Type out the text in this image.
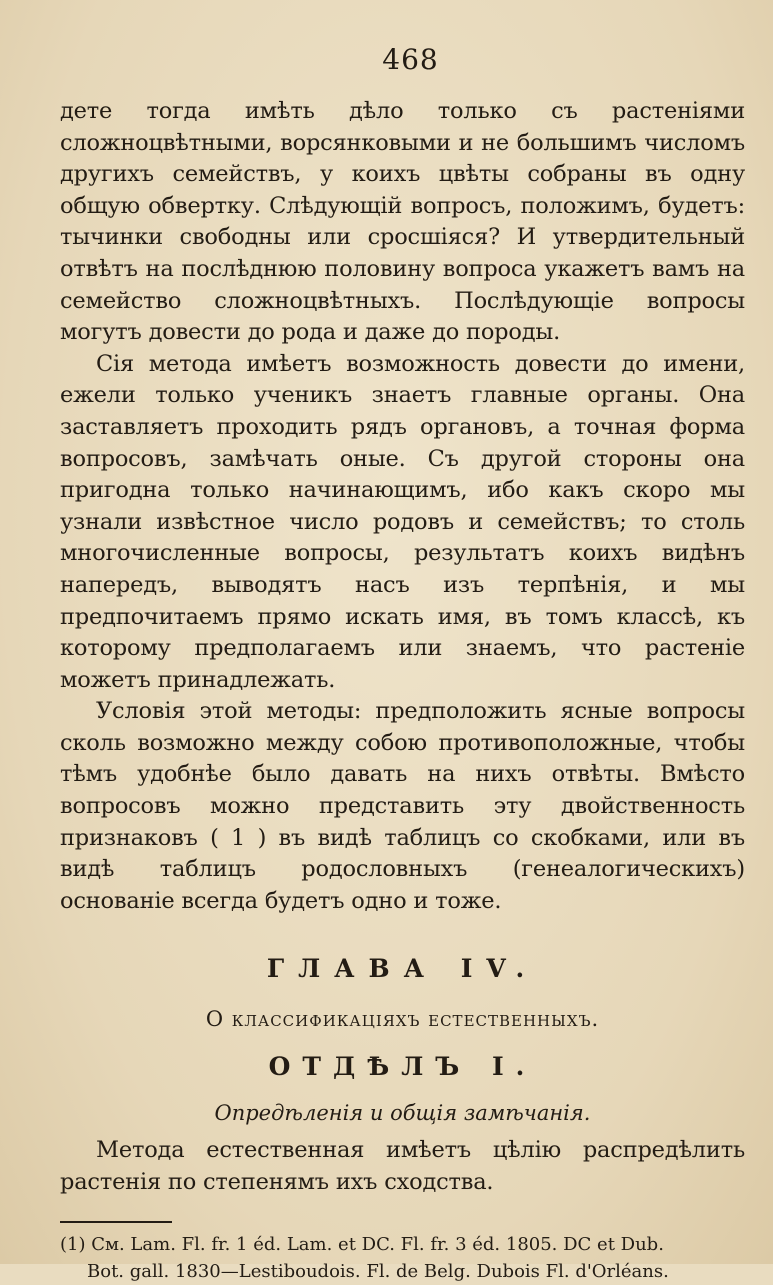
468

дете тогда имѣть дѣло только съ растенiями сложноцвѣтными, ворсянковыми и не большимъ числомъ другихъ семействъ, у коихъ цвѣты собраны въ одну общую обвертку. Слѣдующiй вопросъ, положимъ, будетъ: тычинки свободны или сросшiяся? И утвердительный отвѣтъ на послѣднюю половину вопроса укажетъ вамъ на семейство сложноцвѣтныхъ. Послѣдующiе вопросы могутъ довести до рода и даже до породы.

Сiя метода имѣетъ возможность довести до имени, ежели только ученикъ знаетъ главные органы. Она заставляетъ проходить рядъ органовъ, а точная форма вопросовъ, замѣчать оные. Съ другой стороны она пригодна только начинающимъ, ибо какъ скоро мы узнали извѣстное число родовъ и семействъ; то столь многочисленные вопросы, результатъ коихъ видѣнъ напередъ, выводятъ насъ изъ терпѣнiя, и мы предпочитаемъ прямо искать имя, въ томъ классѣ, къ которому предполагаемъ или знаемъ, что растенiе можетъ принадлежать.

Условiя этой методы: предположить ясные вопросы сколь возможно между собою противоположные, чтобы тѣмъ удобнѣе было давать на нихъ отвѣты. Вмѣсто вопросовъ можно представить эту двойственность признаковъ ( 1 ) въ видѣ таблицъ со скобками, или въ видѣ таблицъ родословныхъ (генеалогическихъ) основанiе всегда будетъ одно и тоже.

ГЛАВА IV.
О классификацiяхъ естественныхъ.
ОТДѢЛЪ I.
Опредѣленiя и общiя замѣчанiя.

Метода естественная имѣетъ цѣлiю распредѣлить растенiя по степенямъ ихъ сходства.

(1) См. Lam. Fl. fr. 1 éd. Lam. et DC. Fl. fr. 3 éd. 1805. DC et Dub.
Bot. gall. 1830—Lestiboudois. Fl. de Belg. Dubois Fl. d'Orléans.
